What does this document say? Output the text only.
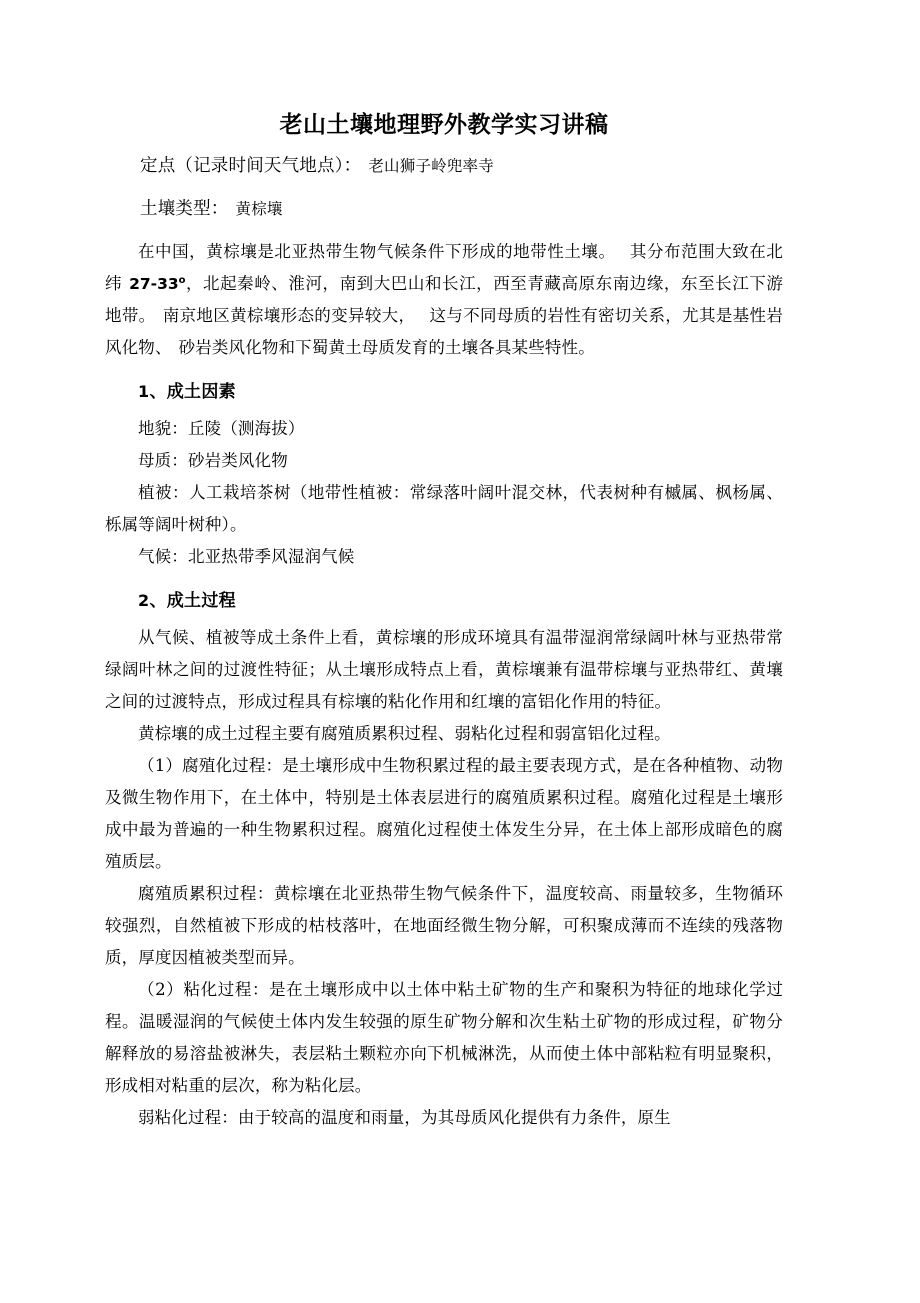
老山土壤地理野外教学实习讲稿

定点（记录时间天气地点）： 老山狮子岭兜率寺

土壤类型： 黄棕壤

在中国，黄棕壤是北亚热带生物气候条件下形成的地带性土壤。 其分布范围大致在北纬 27-33$^o$，北起秦岭、淮河，南到大巴山和长江，西至青藏高原东南边缘，东至长江下游地带。 南京地区黄棕壤形态的变异较大， 这与不同母质的岩性有密切关系，尤其是基性岩风化物、 砂岩类风化物和下蜀黄土母质发育的土壤各具某些特性。

1、成土因素

地貌：丘陵（测海拔）

母质：砂岩类风化物

植被：人工栽培茶树（地带性植被：常绿落叶阔叶混交林，代表树种有槭属、枫杨属、栎属等阔叶树种）。

气候：北亚热带季风湿润气候

2、成土过程

从气候、植被等成土条件上看，黄棕壤的形成环境具有温带湿润常绿阔叶林与亚热带常绿阔叶林之间的过渡性特征；从土壤形成特点上看，黄棕壤兼有温带棕壤与亚热带红、黄壤之间的过渡特点，形成过程具有棕壤的粘化作用和红壤的富铝化作用的特征。

黄棕壤的成土过程主要有腐殖质累积过程、弱粘化过程和弱富铝化过程。

（1）腐殖化过程：是土壤形成中生物积累过程的最主要表现方式，是在各种植物、动物及微生物作用下，在土体中，特别是土体表层进行的腐殖质累积过程。腐殖化过程是土壤形成中最为普遍的一种生物累积过程。腐殖化过程使土体发生分异，在土体上部形成暗色的腐殖质层。

腐殖质累积过程：黄棕壤在北亚热带生物气候条件下，温度较高、雨量较多，生物循环较强烈，自然植被下形成的枯枝落叶，在地面经微生物分解，可积聚成薄而不连续的残落物质，厚度因植被类型而异。

（2）粘化过程：是在土壤形成中以土体中粘土矿物的生产和聚积为特征的地球化学过程。温暖湿润的气候使土体内发生较强的原生矿物分解和次生粘土矿物的形成过程，矿物分解释放的易溶盐被淋失，表层粘土颗粒亦向下机械淋洗，从而使土体中部粘粒有明显聚积，形成相对粘重的层次，称为粘化层。

弱粘化过程：由于较高的温度和雨量，为其母质风化提供有力条件，原生
